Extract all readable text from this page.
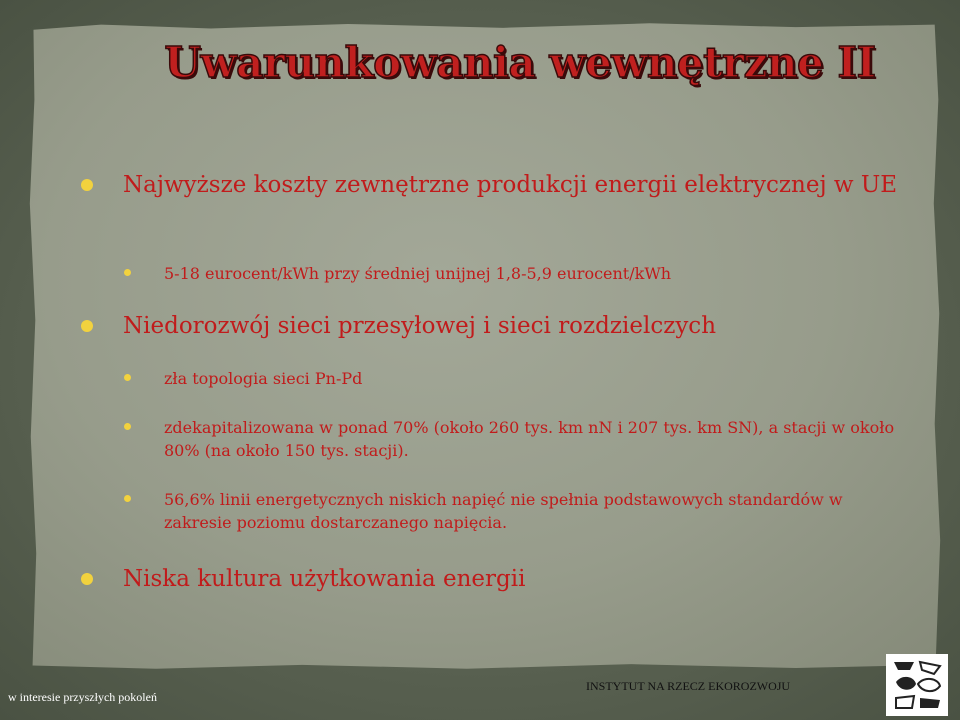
Uwarunkowania wewnętrzne II
Najwyższe koszty zewnętrzne produkcji energii elektrycznej w UE
5-18 eurocent/kWh przy średniej unijnej 1,8-5,9 eurocent/kWh
Niedorozwój sieci przesyłowej i sieci rozdzielczych
zła topologia sieci Pn-Pd
zdekapitalizowana w ponad 70% (około 260 tys. km nN i 207 tys. km SN), a stacji w około 80% (na około 150 tys. stacji).
56,6% linii energetycznych niskich napięć nie spełnia podstawowych standardów w zakresie poziomu dostarczanego napięcia.
Niska kultura użytkowania energii
w interesie przyszłych pokoleń
INSTYTUT NA RZECZ EKOROZWOJU
